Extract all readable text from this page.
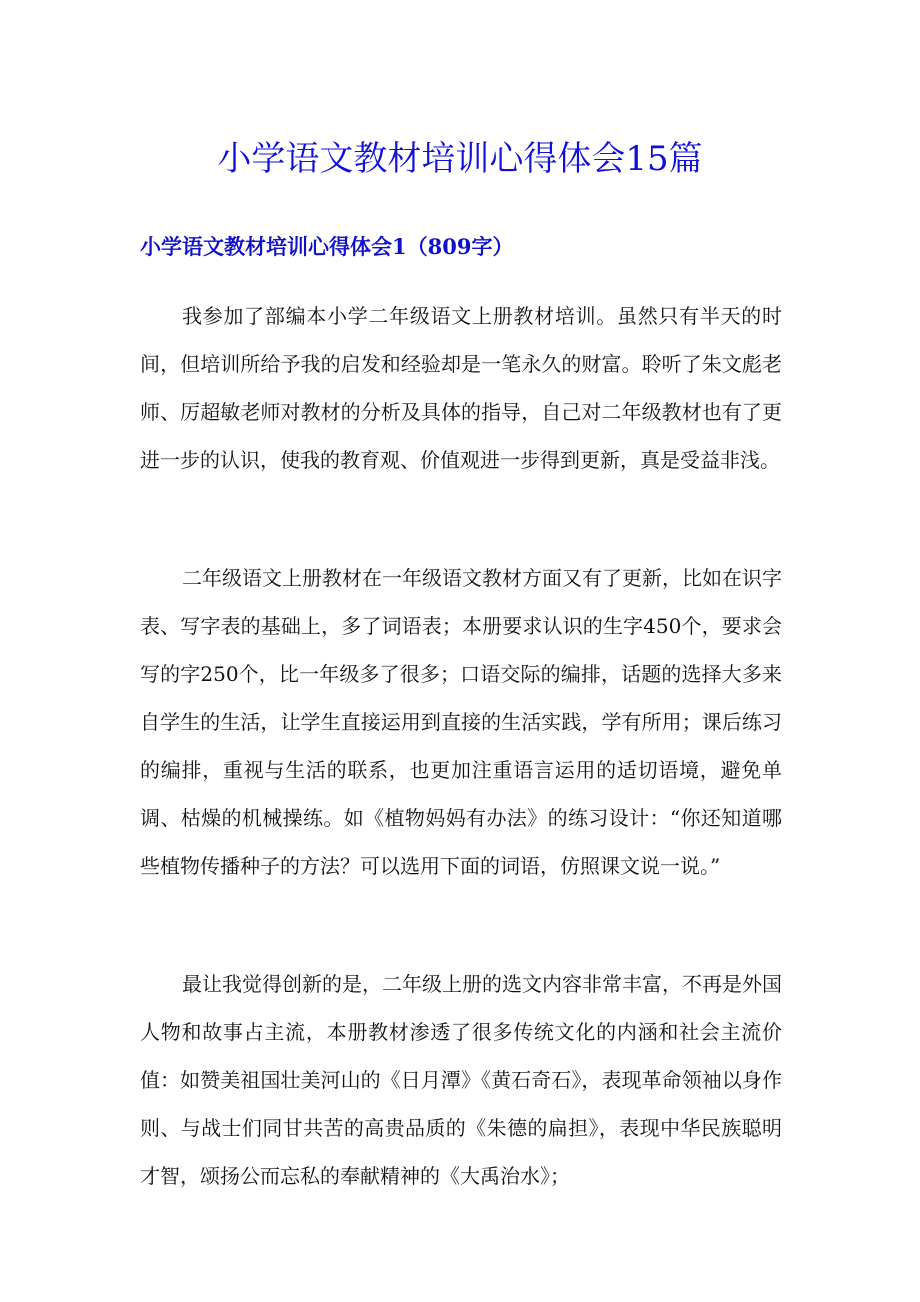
小学语文教材培训心得体会15篇
小学语文教材培训心得体会1（809字）

我参加了部编本小学二年级语文上册教材培训。虽然只有半天的时间，但培训所给予我的启发和经验却是一笔永久的财富。聆听了朱文彪老师、厉超敏老师对教材的分析及具体的指导，自己对二年级教材也有了更进一步的认识，使我的教育观、价值观进一步得到更新，真是受益非浅。

二年级语文上册教材在一年级语文教材方面又有了更新，比如在识字表、写字表的基础上，多了词语表；本册要求认识的生字450个，要求会写的字250个，比一年级多了很多；口语交际的编排，话题的选择大多来自学生的生活，让学生直接运用到直接的生活实践，学有所用；课后练习的编排，重视与生活的联系，也更加注重语言运用的适切语境，避免单调、枯燥的机械操练。如《植物妈妈有办法》的练习设计：“你还知道哪些植物传播种子的方法？可以选用下面的词语，仿照课文说一说。”

最让我觉得创新的是，二年级上册的选文内容非常丰富，不再是外国人物和故事占主流，本册教材渗透了很多传统文化的内涵和社会主流价值：如赞美祖国壮美河山的《日月潭》《黄石奇石》，表现革命领袖以身作则、与战士们同甘共苦的高贵品质的《朱德的扁担》，表现中华民族聪明才智，颂扬公而忘私的奉献精神的《大禹治水》；
